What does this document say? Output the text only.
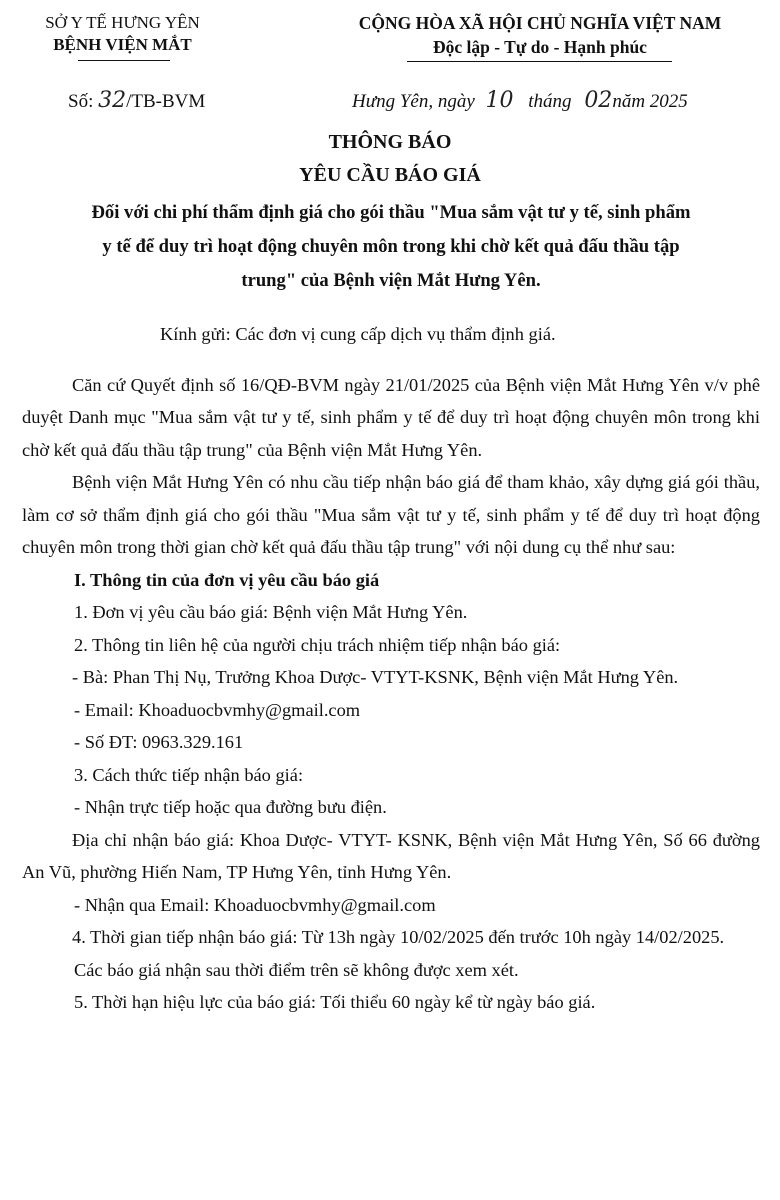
SỞ Y TẾ HƯNG YÊN
BỆNH VIỆN MẮT
CỘNG HÒA XÃ HỘI CHỦ NGHĨA VIỆT NAM
Độc lập - Tự do - Hạnh phúc
Số: 32/TB-BVM	Hưng Yên, ngày 10 tháng 02năm 2025
THÔNG BÁO
YÊU CẦU BÁO GIÁ
Đối với chi phí thẩm định giá cho gói thầu "Mua sắm vật tư y tế, sinh phẩm
y tế để duy trì hoạt động chuyên môn trong khi chờ kết quả đấu thầu tập
trung" của Bệnh viện Mắt Hưng Yên.

Kính gửi: Các đơn vị cung cấp dịch vụ thẩm định giá.

Căn cứ Quyết định số 16/QĐ-BVM ngày 21/01/2025 của Bệnh viện Mắt Hưng Yên v/v phê duyệt Danh mục "Mua sắm vật tư y tế, sinh phẩm y tế để duy trì hoạt động chuyên môn trong khi chờ kết quả đấu thầu tập trung" của Bệnh viện Mắt Hưng Yên.

Bệnh viện Mắt Hưng Yên có nhu cầu tiếp nhận báo giá để tham khảo, xây dựng giá gói thầu, làm cơ sở thẩm định giá cho gói thầu "Mua sắm vật tư y tế, sinh phẩm y tế để duy trì hoạt động chuyên môn trong thời gian chờ kết quả đấu thầu tập trung" với nội dung cụ thể như sau:

I. Thông tin của đơn vị yêu cầu báo giá

1. Đơn vị yêu cầu báo giá: Bệnh viện Mắt Hưng Yên.

2. Thông tin liên hệ của người chịu trách nhiệm tiếp nhận báo giá:

- Bà: Phan Thị Nụ, Trưởng Khoa Dược- VTYT-KSNK, Bệnh viện Mắt Hưng Yên.

- Email: Khoaduocbvmhy@gmail.com

- Số ĐT: 0963.329.161

3. Cách thức tiếp nhận báo giá:

- Nhận trực tiếp hoặc qua đường bưu điện.

Địa chỉ nhận báo giá: Khoa Dược- VTYT- KSNK, Bệnh viện Mắt Hưng Yên, Số 66 đường An Vũ, phường Hiến Nam, TP Hưng Yên, tỉnh Hưng Yên.

- Nhận qua Email: Khoaduocbvmhy@gmail.com

4. Thời gian tiếp nhận báo giá: Từ 13h ngày 10/02/2025 đến trước 10h ngày 14/02/2025.

Các báo giá nhận sau thời điểm trên sẽ không được xem xét.

5. Thời hạn hiệu lực của báo giá: Tối thiểu 60 ngày kể từ ngày báo giá.
